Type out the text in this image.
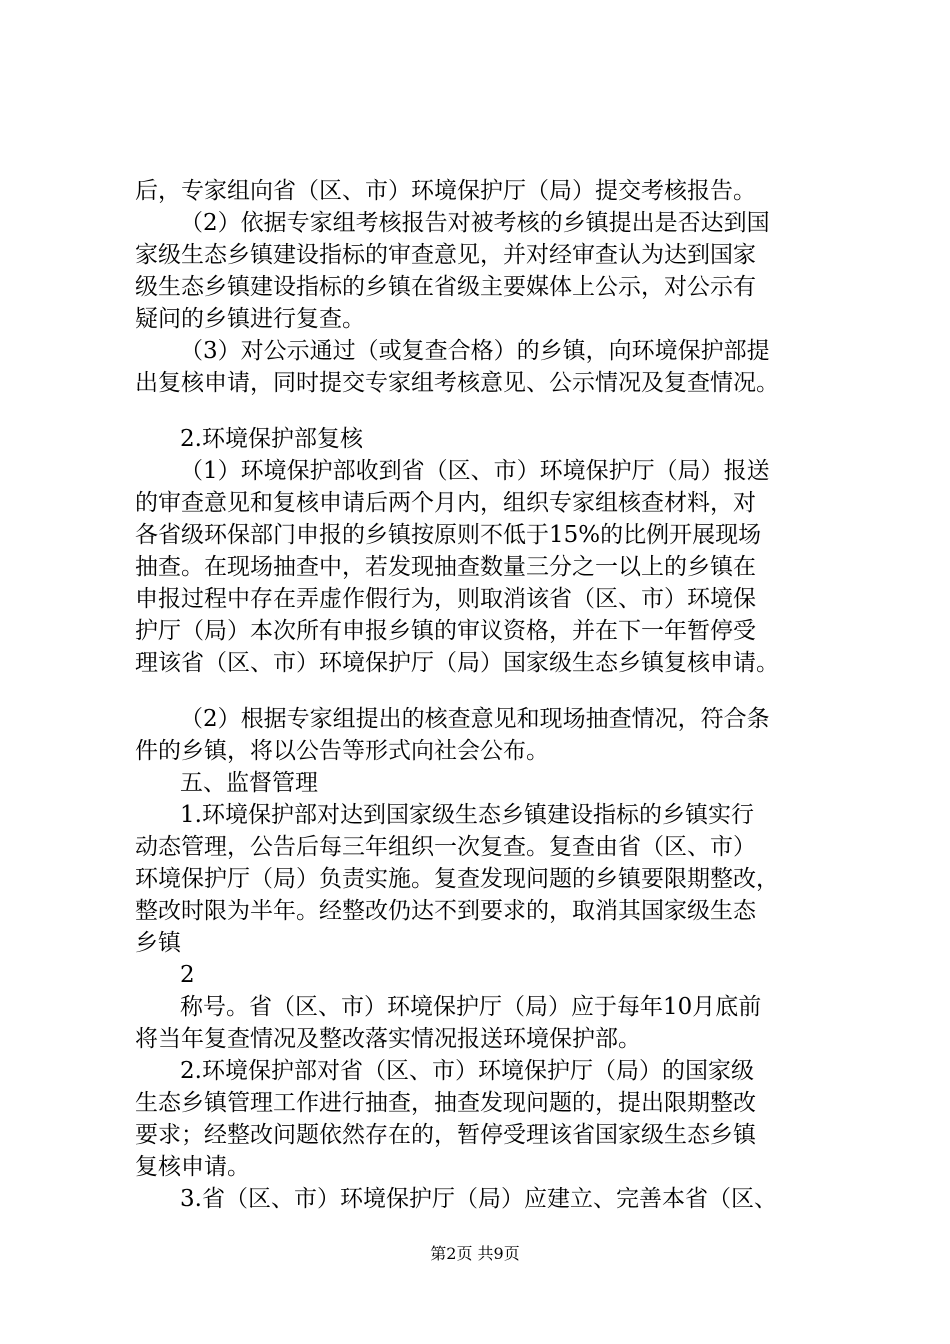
后，专家组向省（区、市）环境保护厅（局）提交考核报告。
（2）依据专家组考核报告对被考核的乡镇提出是否达到国
家级生态乡镇建设指标的审查意见，并对经审查认为达到国家
级生态乡镇建设指标的乡镇在省级主要媒体上公示，对公示有
疑问的乡镇进行复查。
（3）对公示通过（或复查合格）的乡镇，向环境保护部提
出复核申请，同时提交专家组考核意见、公示情况及复查情况。
2.环境保护部复核
（1）环境保护部收到省（区、市）环境保护厅（局）报送
的审查意见和复核申请后两个月内，组织专家组核查材料，对
各省级环保部门申报的乡镇按原则不低于15%的比例开展现场
抽查。在现场抽查中，若发现抽查数量三分之一以上的乡镇在
申报过程中存在弄虚作假行为，则取消该省（区、市）环境保
护厅（局）本次所有申报乡镇的审议资格，并在下一年暂停受
理该省（区、市）环境保护厅（局）国家级生态乡镇复核申请。
（2）根据专家组提出的核查意见和现场抽查情况，符合条
件的乡镇，将以公告等形式向社会公布。
五、监督管理
1.环境保护部对达到国家级生态乡镇建设指标的乡镇实行
动态管理，公告后每三年组织一次复查。复查由省（区、市）
环境保护厅（局）负责实施。复查发现问题的乡镇要限期整改，
整改时限为半年。经整改仍达不到要求的，取消其国家级生态
乡镇
2
称号。省（区、市）环境保护厅（局）应于每年10月底前
将当年复查情况及整改落实情况报送环境保护部。
2.环境保护部对省（区、市）环境保护厅（局）的国家级
生态乡镇管理工作进行抽查，抽查发现问题的，提出限期整改
要求；经整改问题依然存在的，暂停受理该省国家级生态乡镇
复核申请。
3.省（区、市）环境保护厅（局）应建立、完善本省（区、
第2页 共9页
